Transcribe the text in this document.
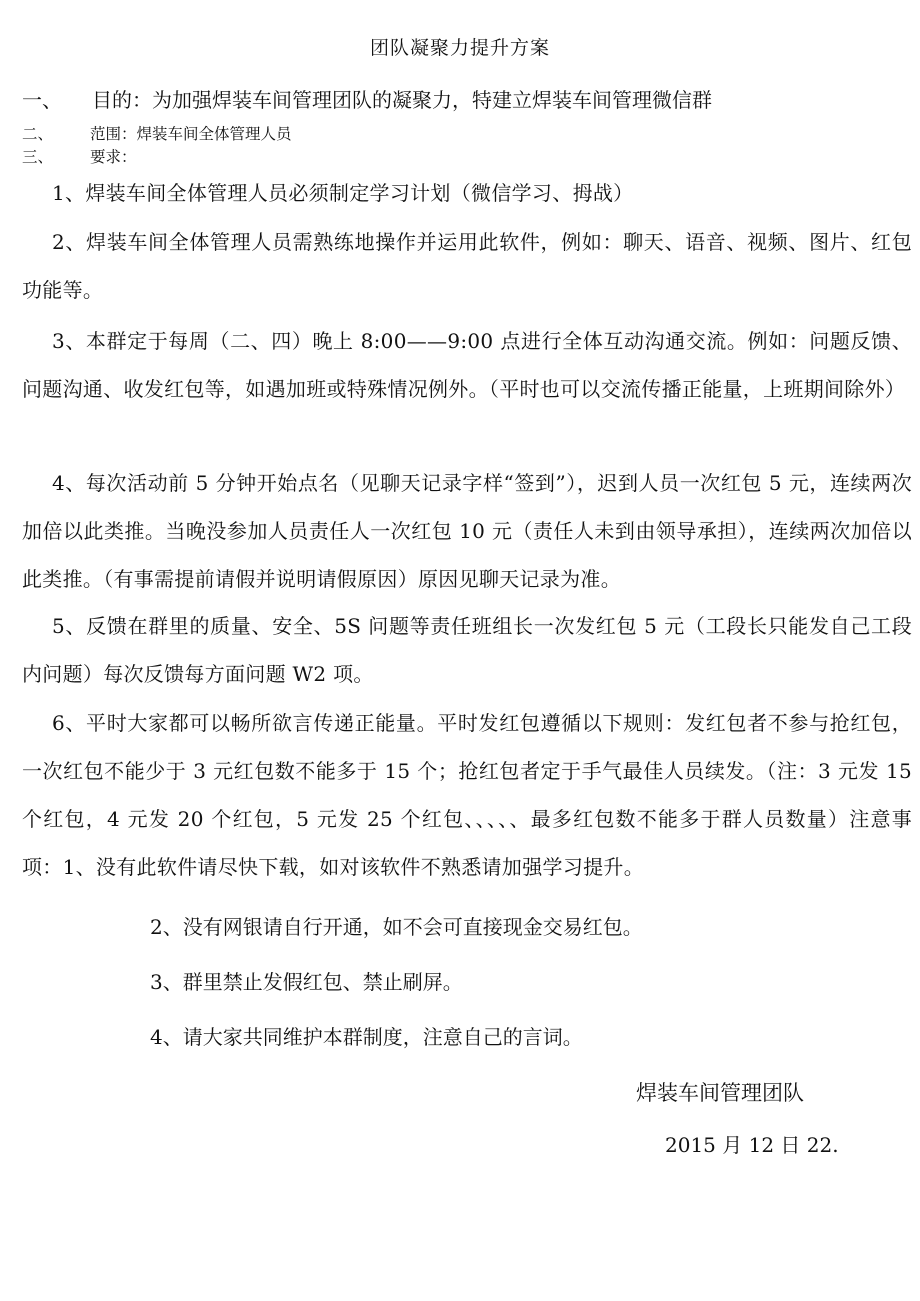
团队凝聚力提升方案
一、 目的：为加强焊装车间管理团队的凝聚力，特建立焊装车间管理微信群
二、 范围：焊装车间全体管理人员
三、 要求：

1、焊装车间全体管理人员必须制定学习计划（微信学习、拇战）

2、焊装车间全体管理人员需熟练地操作并运用此软件，例如：聊天、语音、视频、图片、红包功能等。

3、本群定于每周（二、四）晚上 8:00——9:00 点进行全体互动沟通交流。例如：问题反馈、问题沟通、收发红包等，如遇加班或特殊情况例外。（平时也可以交流传播正能量，上班期间除外）

4、每次活动前 5 分钟开始点名（见聊天记录字样“签到”），迟到人员一次红包 5 元，连续两次加倍以此类推。当晚没参加人员责任人一次红包 10 元（责任人未到由领导承担），连续两次加倍以此类推。（有事需提前请假并说明请假原因）原因见聊天记录为准。

5、反馈在群里的质量、安全、5S 问题等责任班组长一次发红包 5 元（工段长只能发自己工段内问题）每次反馈每方面问题 W2 项。

6、平时大家都可以畅所欲言传递正能量。平时发红包遵循以下规则：发红包者不参与抢红包，一次红包不能少于 3 元红包数不能多于 15 个；抢红包者定于手气最佳人员续发。（注：3 元发 15 个红包，4 元发 20 个红包，5 元发 25 个红包、、、、、最多红包数不能多于群人员数量）注意事项：1、没有此软件请尽快下载，如对该软件不熟悉请加强学习提升。

2、没有网银请自行开通，如不会可直接现金交易红包。
3、群里禁止发假红包、禁止刷屏。
4、请大家共同维护本群制度，注意自己的言词。
焊装车间管理团队
2015 月 12 日 22.
